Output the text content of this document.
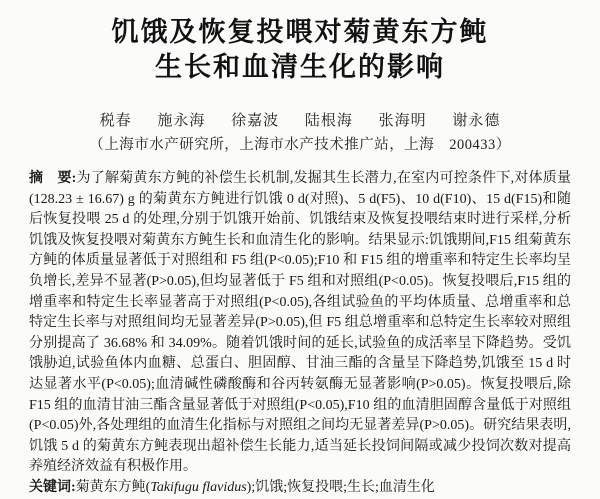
饥饿及恢复投喂对菊黄东方鲀
生长和血清生化的影响
税春 施永海 徐嘉波 陆根海 张海明 谢永德
（上海市水产研究所，上海市水产技术推广站，上海　200433）

摘　要:为了解菊黄东方鲀的补偿生长机制,发掘其生长潜力,在室内可控条件下,对体质量(128.23 ± 16.67) g 的菊黄东方鲀进行饥饿 0 d(对照)、5 d(F5)、10 d(F10)、15 d(F15)和随后恢复投喂 25 d 的处理,分别于饥饿开始前、饥饿结束及恢复投喂结束时进行采样,分析饥饿及恢复投喂对菊黄东方鲀生长和血清生化的影响。结果显示:饥饿期间,F15 组菊黄东方鲀的体质量显著低于对照组和 F5 组(P<0.05);F10 和 F15 组的增重率和特定生长率均呈负增长,差异不显著(P>0.05),但均显著低于 F5 组和对照组(P<0.05)。恢复投喂后,F15 组的增重率和特定生长率显著高于对照组(P<0.05),各组试验鱼的平均体质量、总增重率和总特定生长率与对照组间均无显著差异(P>0.05),但 F5 组总增重率和总特定生长率较对照组分别提高了 36.68% 和 34.09%。随着饥饿时间的延长,试验鱼的成活率呈下降趋势。受饥饿胁迫,试验鱼体内血糖、总蛋白、胆固醇、甘油三酯的含量呈下降趋势,饥饿至 15 d 时达显著水平(P<0.05);血清碱性磷酸酶和谷丙转氨酶无显著影响(P>0.05)。恢复投喂后,除 F15 组的血清甘油三酯含量显著低于对照组(P<0.05),F10 组的血清胆固醇含量低于对照组(P<0.05)外,各处理组的血清生化指标与对照组之间均无显著差异(P>0.05)。研究结果表明,饥饿 5 d 的菊黄东方鲀表现出超补偿生长能力,适当延长投饲间隔或减少投饲次数对提高养殖经济效益有积极作用。

关键词:菊黄东方鲀(Takifugu flavidus);饥饿;恢复投喂;生长;血清生化
